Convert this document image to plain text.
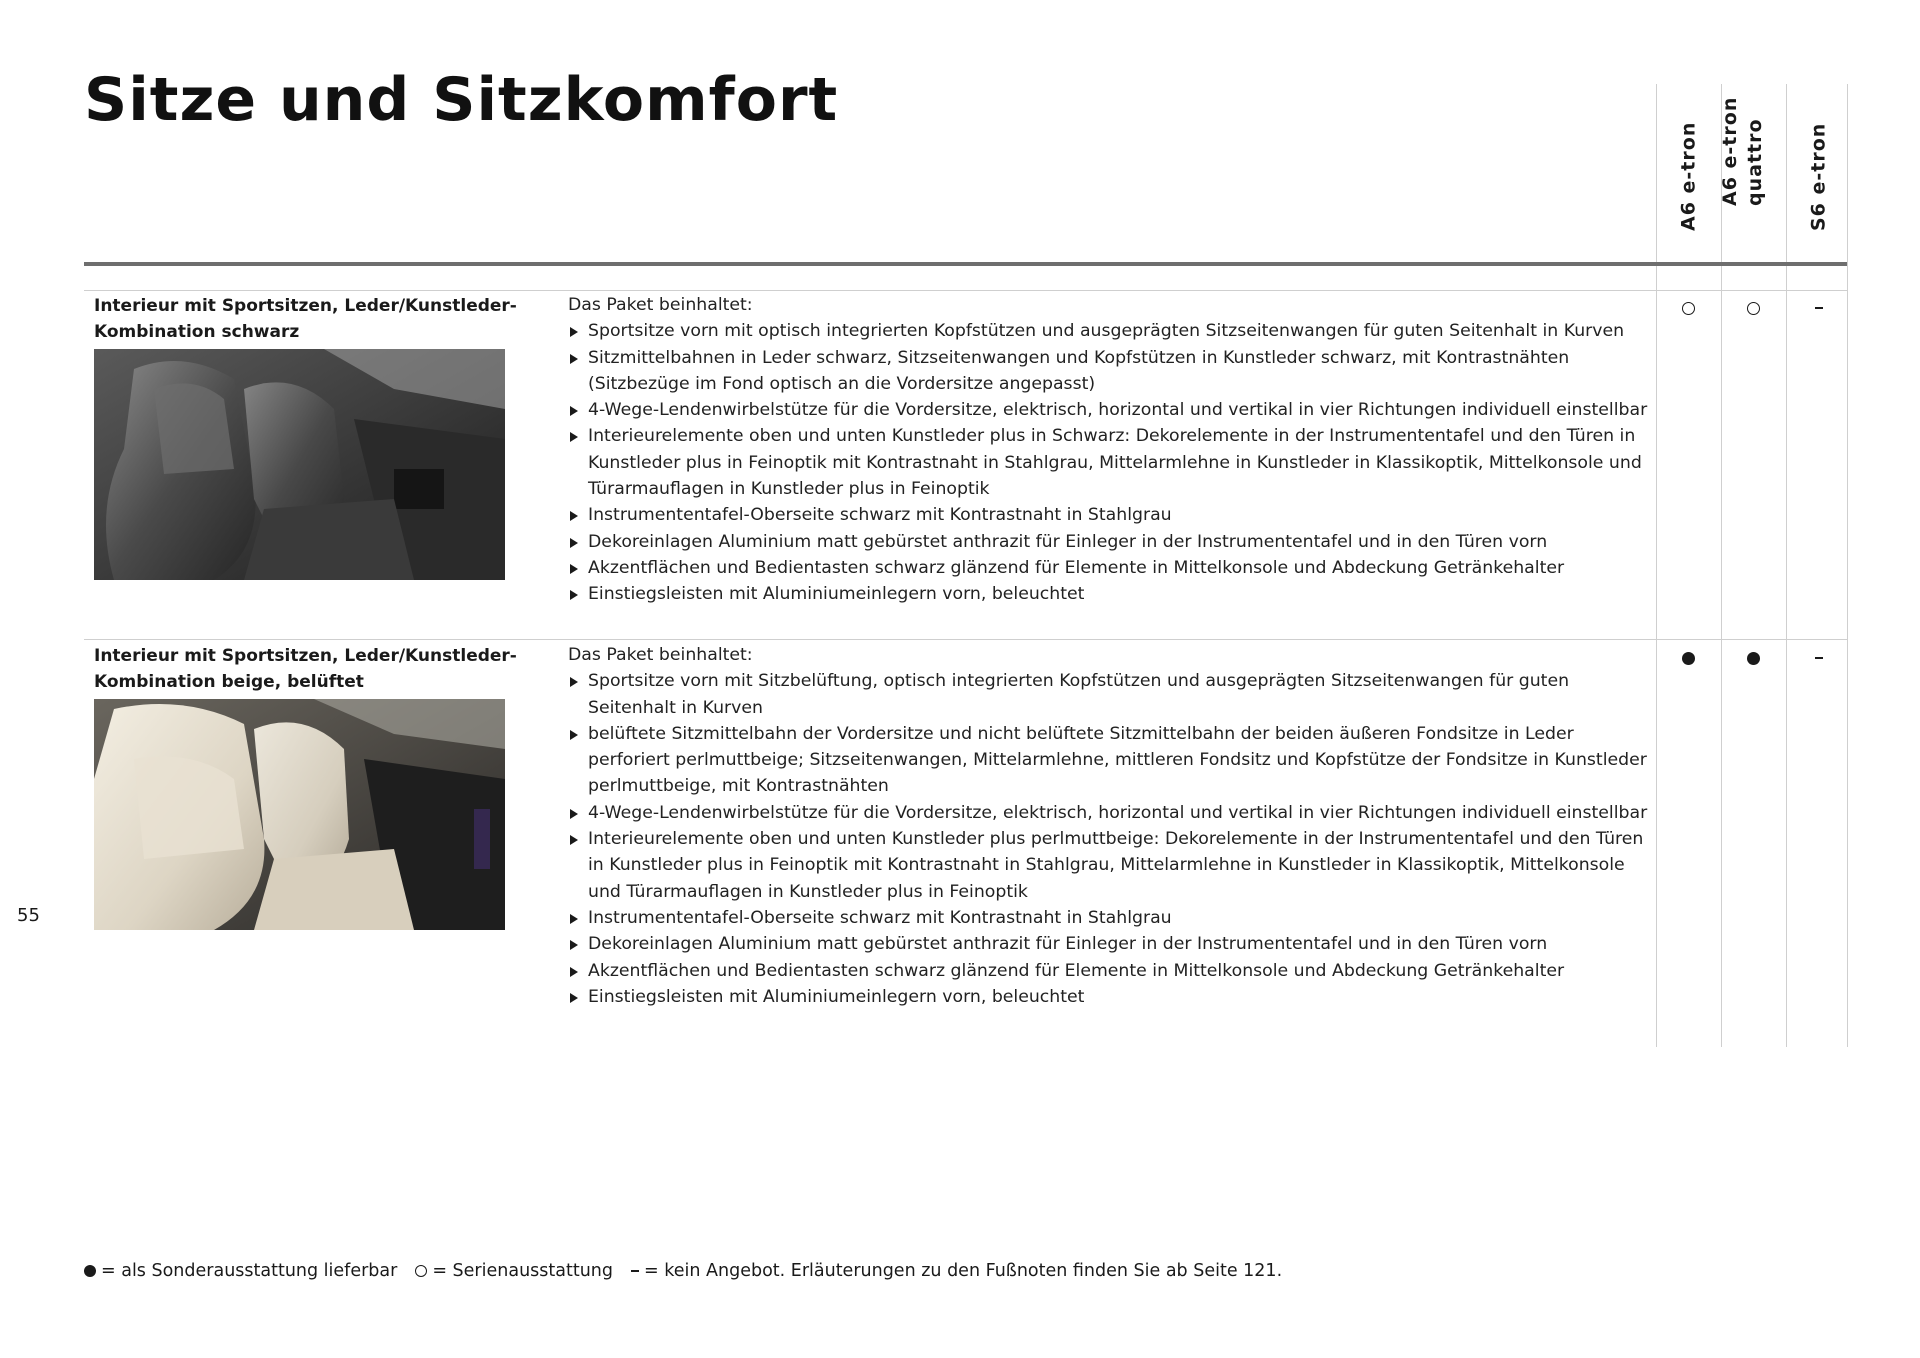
Sitze und Sitzkomfort
A6 e-tron A6 e-tron quattro S6 e-tron
Interieur mit Sportsitzen, Leder/Kunstleder-Kombination schwarz

Das Paket beinhaltet:

Sportsitze vorn mit optisch integrierten Kopfstützen und ausgeprägten Sitzseitenwangen für guten Seitenhalt in Kurven
Sitzmittelbahnen in Leder schwarz, Sitzseitenwangen und Kopfstützen in Kunstleder schwarz, mit Kontrastnähten (Sitzbezüge im Fond optisch an die Vordersitze angepasst)
4-Wege-Lendenwirbelstütze für die Vordersitze, elektrisch, horizontal und vertikal in vier Richtungen individuell einstellbar
Interieurelemente oben und unten Kunstleder plus in Schwarz: Dekorelemente in der Instrumententafel und den Türen in Kunstleder plus in Feinoptik mit Kontrastnaht in Stahlgrau, Mittelarmlehne in Kunstleder in Klassikoptik, Mittelkonsole und Türarmauflagen in Kunstleder plus in Feinoptik
Instrumententafel-Oberseite schwarz mit Kontrastnaht in Stahlgrau
Dekoreinlagen Aluminium matt gebürstet anthrazit für Einleger in der Instrumententafel und in den Türen vorn
Akzentflächen und Bedientasten schwarz glänzend für Elemente in Mittelkonsole und Abdeckung Getränkehalter
Einstiegsleisten mit Aluminiumeinlegern vorn, beleuchtet
Interieur mit Sportsitzen, Leder/Kunstleder-Kombination beige, belüftet

Das Paket beinhaltet:

Sportsitze vorn mit Sitzbelüftung, optisch integrierten Kopfstützen und ausgeprägten Sitzseitenwangen für guten Seitenhalt in Kurven
belüftete Sitzmittelbahn der Vordersitze und nicht belüftete Sitzmittelbahn der beiden äußeren Fondsitze in Leder perforiert perlmuttbeige; Sitzseitenwangen, Mittelarmlehne, mittleren Fondsitz und Kopfstütze der Fondsitze in Kunstleder perlmuttbeige, mit Kontrastnähten
4-Wege-Lendenwirbelstütze für die Vordersitze, elektrisch, horizontal und vertikal in vier Richtungen individuell einstellbar
Interieurelemente oben und unten Kunstleder plus perlmuttbeige: Dekorelemente in der Instrumententafel und den Türen in Kunstleder plus in Feinoptik mit Kontrastnaht in Stahlgrau, Mittelarmlehne in Kunstleder in Klassikoptik, Mittelkonsole und Türarmauflagen in Kunstleder plus in Feinoptik
Instrumententafel-Oberseite schwarz mit Kontrastnaht in Stahlgrau
Dekoreinlagen Aluminium matt gebürstet anthrazit für Einleger in der Instrumententafel und in den Türen vorn
Akzentflächen und Bedientasten schwarz glänzend für Elemente in Mittelkonsole und Abdeckung Getränkehalter
Einstiegsleisten mit Aluminiumeinlegern vorn, beleuchtet
55
= als Sonderausstattung lieferbar = Serienausstattung = kein Angebot. Erläuterungen zu den Fußnoten finden Sie ab Seite 121.
